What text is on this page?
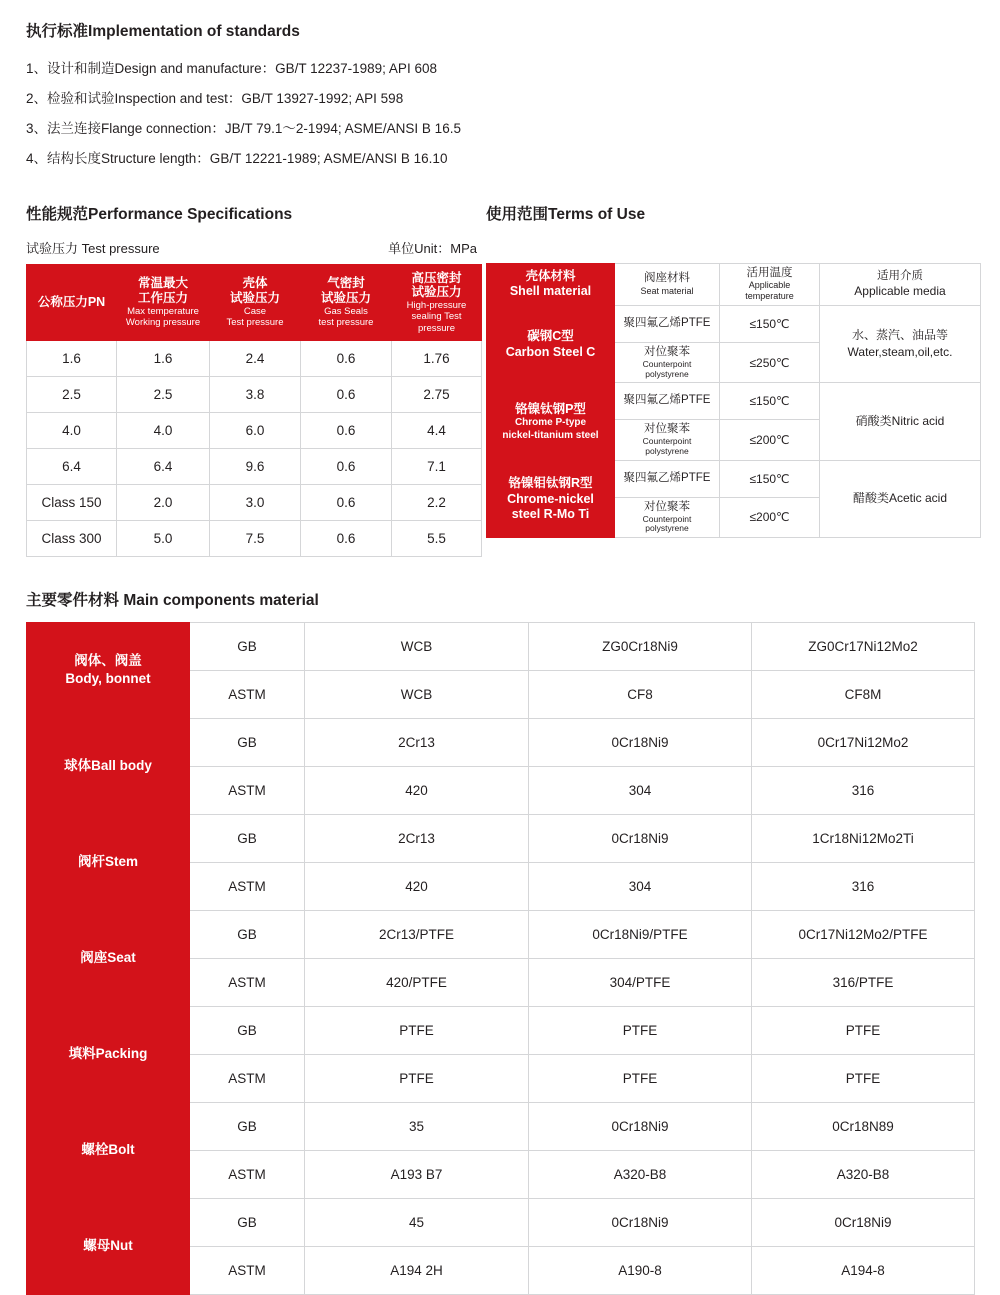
执行标准Implementation of standards
1、设计和制造Design and manufacture：GB/T 12237-1989; API 608
2、检验和试验Inspection and test：GB/T 13927-1992; API 598
3、法兰连接Flange connection：JB/T 79.1～2-1994; ASME/ANSI B 16.5
4、结构长度Structure length：GB/T 12221-1989; ASME/ANSI B 16.10
性能规范Performance Specifications
试验压力 Test pressure	单位Unit：MPa
公称压力PN	常温最大
工作压力
Max temperature
Working pressure	壳体
试验压力
Case
Test pressure	气密封
试验压力
Gas Seals
test pressure	高压密封
试验压力
High-pressure
sealing Test
pressure

1.6	1.6	2.4	0.6	1.76
2.5	2.5	3.8	0.6	2.75
4.0	4.0	6.0	0.6	4.4
6.4	6.4	9.6	0.6	7.1
Class 150	2.0	3.0	0.6	2.2
Class 300	5.0	7.5	0.6	5.5
使用范围Terms of Use
壳体材料
Shell material	阀座材料
Seat material	活用温度
Applicable
temperature	适用介质
Applicable media

碳钢C型
Carbon Steel C	聚四氟乙烯PTFE	≤150℃	水、蒸汽、油品等
Water,steam,oil,etc.
	对位聚苯
Counterpoint
polystyrene	≤250℃	

铬镍钛钢P型
Chrome P-type
nickel-titanium steel	聚四氟乙烯PTFE	≤150℃	硝酸类Nitric acid
	对位聚苯
Counterpoint
polystyrene	≤200℃	

铬镍钼钛钢R型
Chrome-nickel
steel R-Mo Ti	聚四氟乙烯PTFE	≤150℃	醋酸类Acetic acid
	对位聚苯
Counterpoint
polystyrene	≤200℃	
主要零件材料 Main components material
阀体、阀盖
Body, bonnet	GB	WCB	ZG0Cr18Ni9	ZG0Cr17Ni12Mo2
	ASTM	WCB	CF8	CF8M
球体Ball body	GB	2Cr13	0Cr18Ni9	0Cr17Ni12Mo2
	ASTM	420	304	316
阀杆Stem	GB	2Cr13	0Cr18Ni9	1Cr18Ni12Mo2Ti
	ASTM	420	304	316
阀座Seat	GB	2Cr13/PTFE	0Cr18Ni9/PTFE	0Cr17Ni12Mo2/PTFE
	ASTM	420/PTFE	304/PTFE	316/PTFE
填料Packing	GB	PTFE	PTFE	PTFE
	ASTM	PTFE	PTFE	PTFE
螺栓Bolt	GB	35	0Cr18Ni9	0Cr18N89
	ASTM	A193 B7	A320-B8	A320-B8
螺母Nut	GB	45	0Cr18Ni9	0Cr18Ni9
	ASTM	A194 2H	A190-8	A194-8
